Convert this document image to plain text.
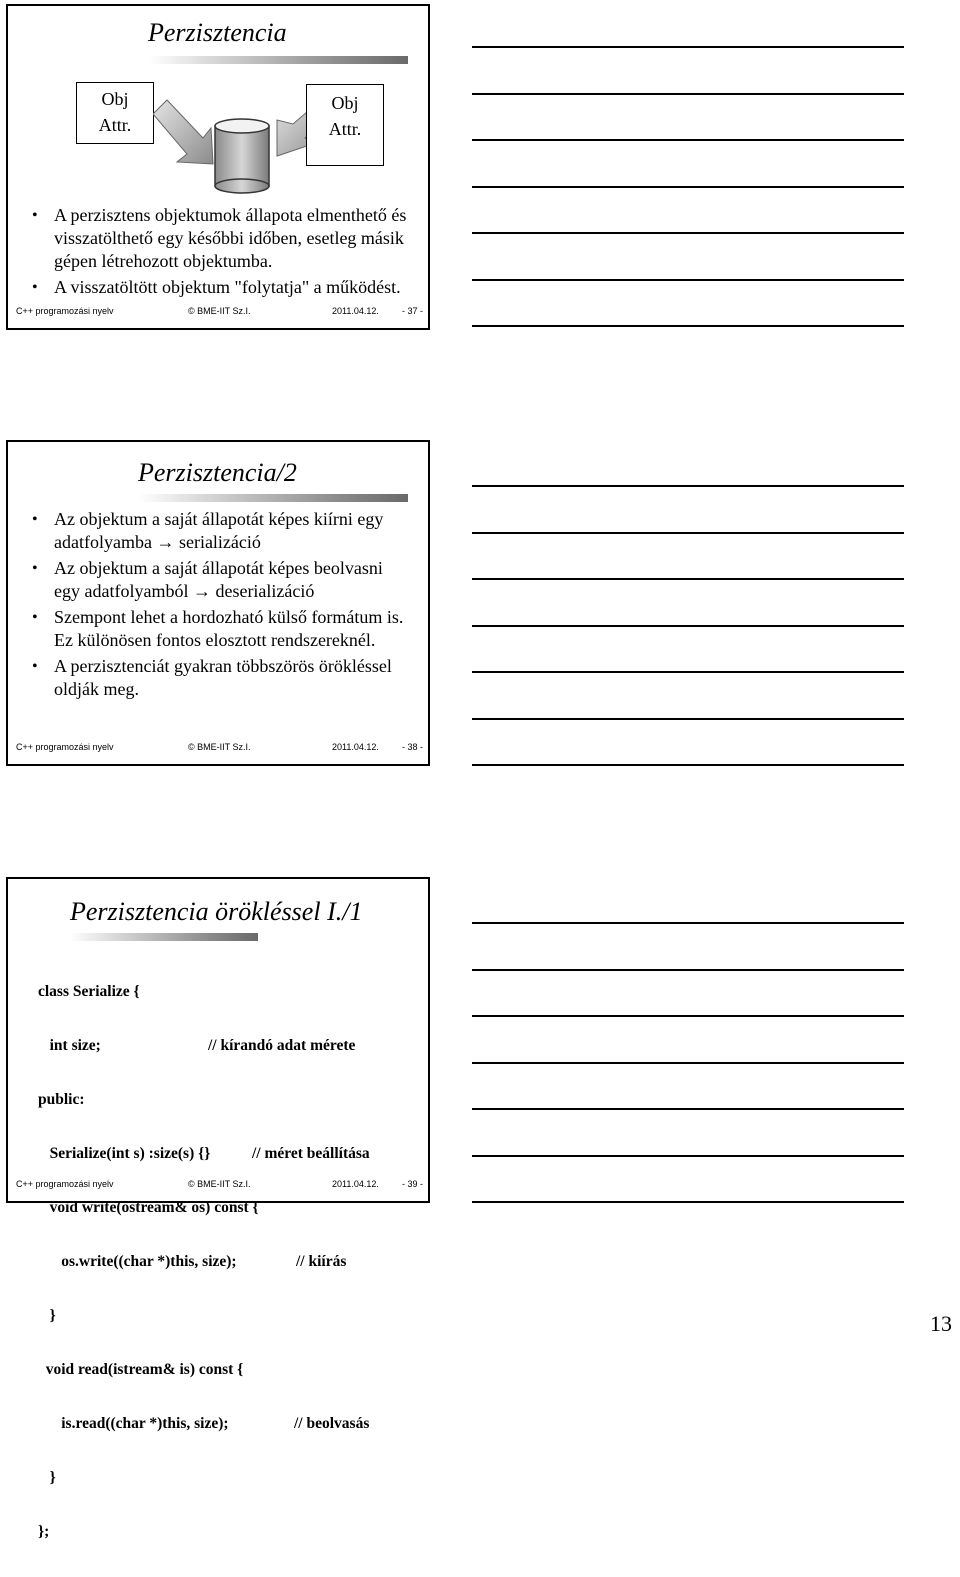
Perzisztencia
Obj
Attr.
Obj
Attr.
• A perzisztens objektumok állapota elmenthető és visszatölthető egy későbbi időben, esetleg másik gépen létrehozott objektumba.
• A visszatöltött objektum "folytatja" a működést.
C++ programozási nyelv	© BME-IIT Sz.I.	2011.04.12.	- 37 -
Perzisztencia/2
• Az objektum a saját állapotát képes kiírni egy adatfolyamba → serializáció
• Az objektum a saját állapotát képes beolvasni egy adatfolyamból → deserializáció
• Szempont lehet a hordozható külső formátum is. Ez különösen fontos elosztott rendszereknél.
• A perzisztenciát gyakran többszörös örökléssel oldják meg.
C++ programozási nyelv	© BME-IIT Sz.I.	2011.04.12.	- 38 -
Perzisztencia örökléssel I./1

class Serialize {

int size;	// kírandó adat mérete

public:

Serialize(int s) :size(s) {}	// méret beállítása

void write(ostream& os) const {

os.write((char *)this, size);	// kiírás

}

void read(istream& is) const {

is.read((char *)this, size);	// beolvasás

}

};

C++ programozási nyelv	© BME-IIT Sz.I.	2011.04.12.	- 39 -
13
